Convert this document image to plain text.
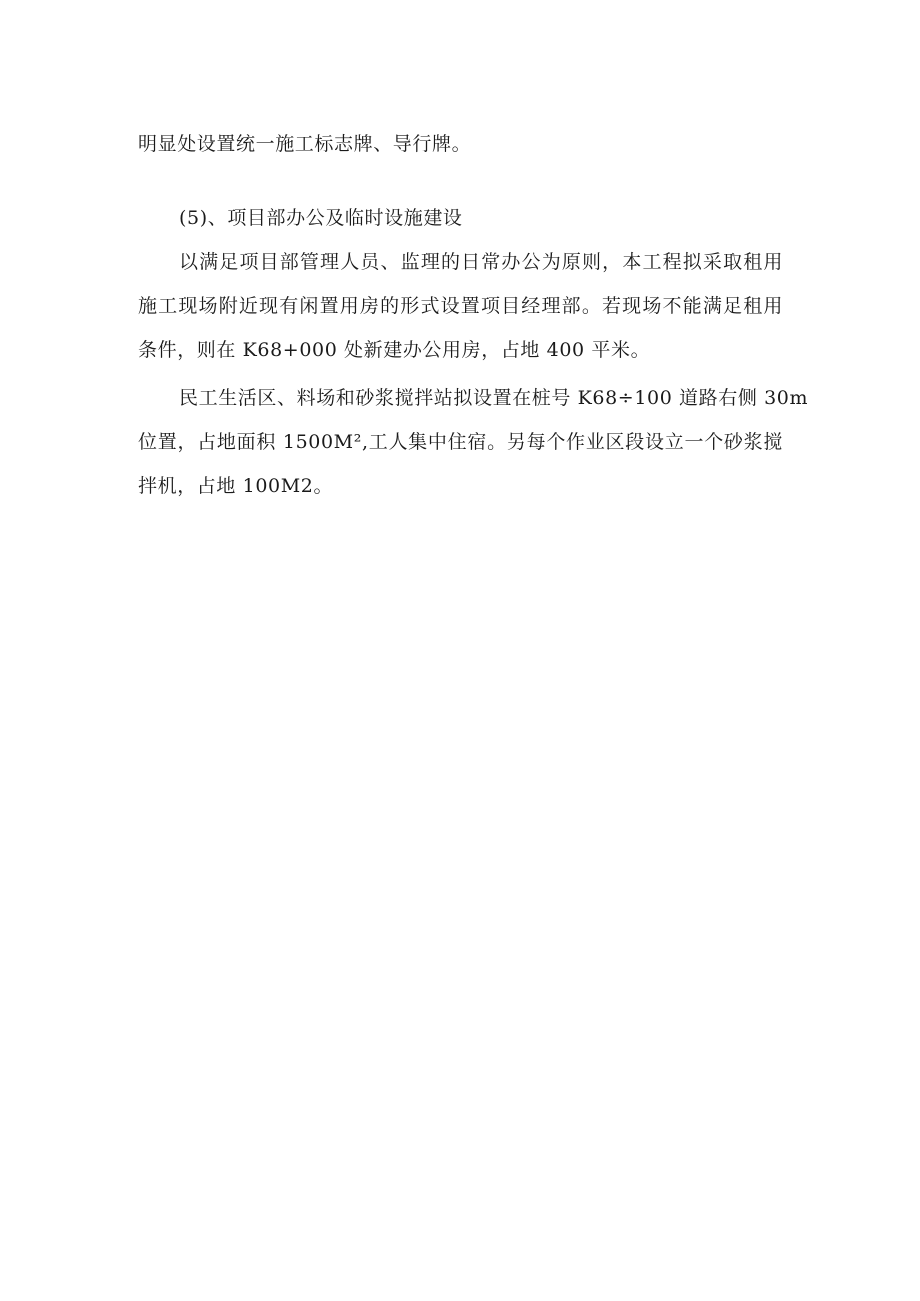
明显处设置统一施工标志牌、导行牌。

(5)、项目部办公及临时设施建设

以满足项目部管理人员、监理的日常办公为原则，本工程拟采取租用
施工现场附近现有闲置用房的形式设置项目经理部。若现场不能满足租用
条件，则在 K68+000 处新建办公用房，占地 400 平米。

民工生活区、料场和砂浆搅拌站拟设置在桩号 K68÷100 道路右侧 30m
位置，占地面积 1500M²,工人集中住宿。另每个作业区段设立一个砂浆搅
拌机，占地 100M2。
